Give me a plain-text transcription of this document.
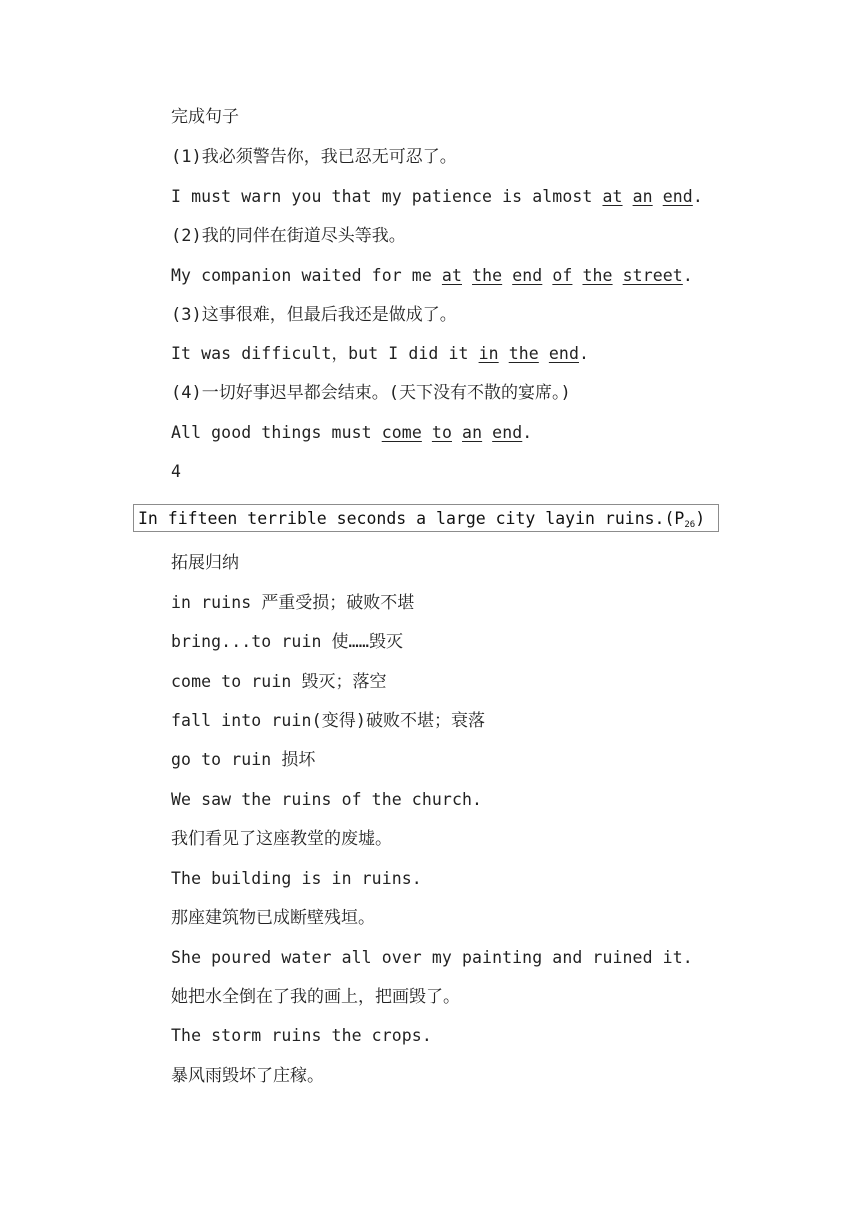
完成句子
(1)我必须警告你，我已忍无可忍了。
I must warn you that my patience is almost at an end.
(2)我的同伴在街道尽头等我。
My companion waited for me at the end of the street.
(3)这事很难，但最后我还是做成了。
It was difficult，but I did it in the end.
(4)一切好事迟早都会结束。(天下没有不散的宴席。)
All good things must come to an end.
4
In fifteen terrible seconds a large city layin $ruins.(P_{26})$
拓展归纳
in ruins 严重受损；破败不堪
bring...to ruin 使……毁灭
come to ruin 毁灭；落空
fall into ruin(变得)破败不堪；衰落
go to ruin 损坏
We saw the ruins of the church.
我们看见了这座教堂的废墟。
The building is in ruins.
那座建筑物已成断壁残垣。
She poured water all over my painting and ruined it.
她把水全倒在了我的画上，把画毁了。
The storm ruins the crops.
暴风雨毁坏了庄稼。
